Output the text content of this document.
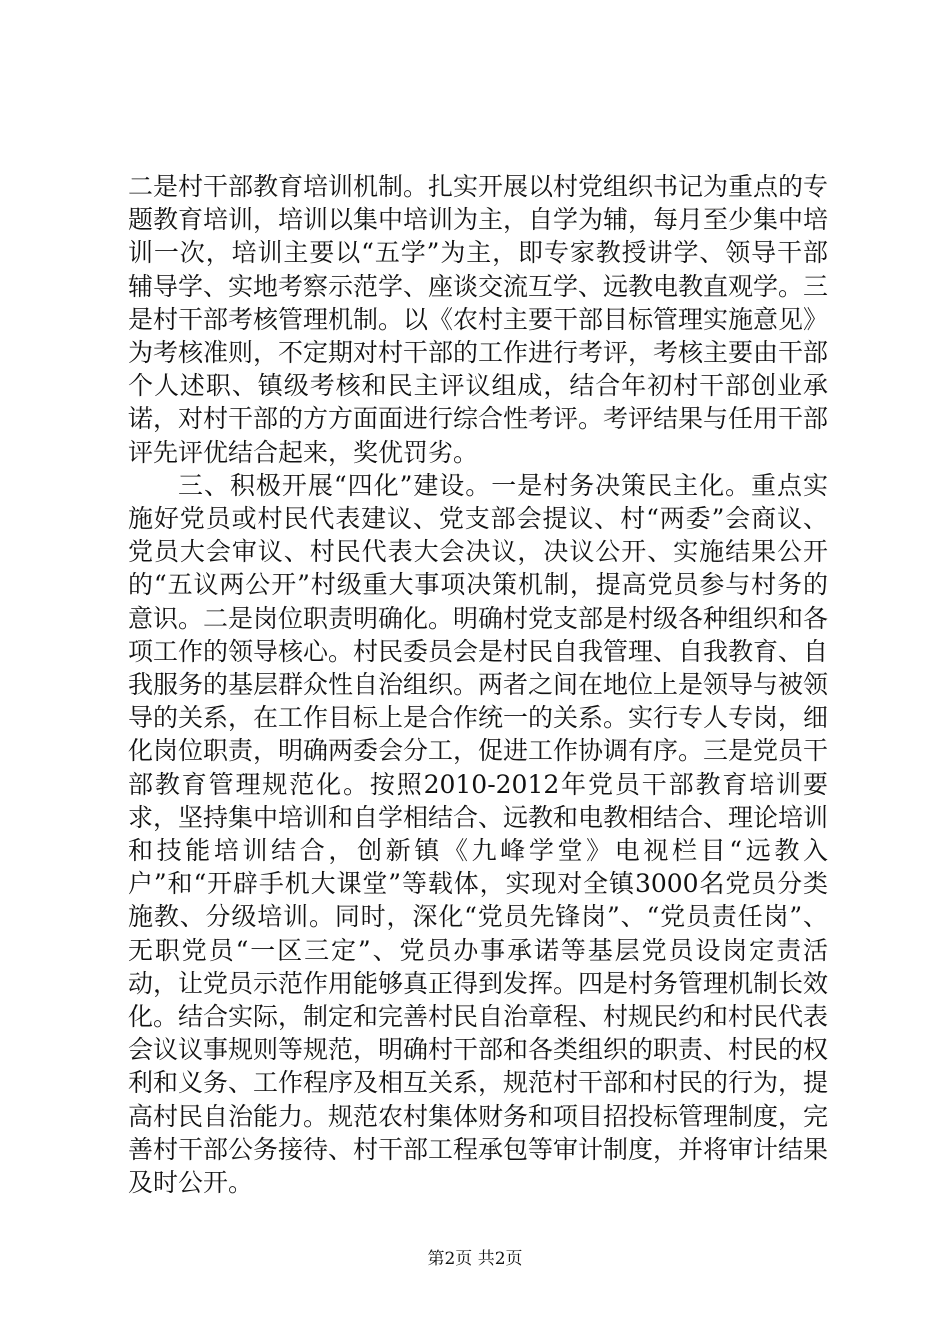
二是村干部教育培训机制。扎实开展以村党组织书记为重点的专题教育培训，培训以集中培训为主，自学为辅，每月至少集中培训一次，培训主要以“五学”为主，即专家教授讲学、领导干部辅导学、实地考察示范学、座谈交流互学、远教电教直观学。三是村干部考核管理机制。以《农村主要干部目标管理实施意见》为考核准则，不定期对村干部的工作进行考评，考核主要由干部个人述职、镇级考核和民主评议组成，结合年初村干部创业承诺，对村干部的方方面面进行综合性考评。考评结果与任用干部评先评优结合起来，奖优罚劣。

三、积极开展“四化”建设。一是村务决策民主化。重点实施好党员或村民代表建议、党支部会提议、村“两委”会商议、党员大会审议、村民代表大会决议，决议公开、实施结果公开的“五议两公开”村级重大事项决策机制，提高党员参与村务的意识。二是岗位职责明确化。明确村党支部是村级各种组织和各项工作的领导核心。村民委员会是村民自我管理、自我教育、自我服务的基层群众性自治组织。两者之间在地位上是领导与被领导的关系，在工作目标上是合作统一的关系。实行专人专岗，细化岗位职责，明确两委会分工，促进工作协调有序。三是党员干部教育管理规范化。按照2010-2012年党员干部教育培训要求，坚持集中培训和自学相结合、远教和电教相结合、理论培训和技能培训结合，创新镇《九峰学堂》电视栏目“远教入户”和“开辟手机大课堂”等载体，实现对全镇3000名党员分类施教、分级培训。同时，深化“党员先锋岗”、“党员责任岗”、无职党员“一区三定”、党员办事承诺等基层党员设岗定责活动，让党员示范作用能够真正得到发挥。四是村务管理机制长效化。结合实际，制定和完善村民自治章程、村规民约和村民代表会议议事规则等规范，明确村干部和各类组织的职责、村民的权利和义务、工作程序及相互关系，规范村干部和村民的行为，提高村民自治能力。规范农村集体财务和项目招投标管理制度，完善村干部公务接待、村干部工程承包等审计制度，并将审计结果及时公开。

第2页 共2页
